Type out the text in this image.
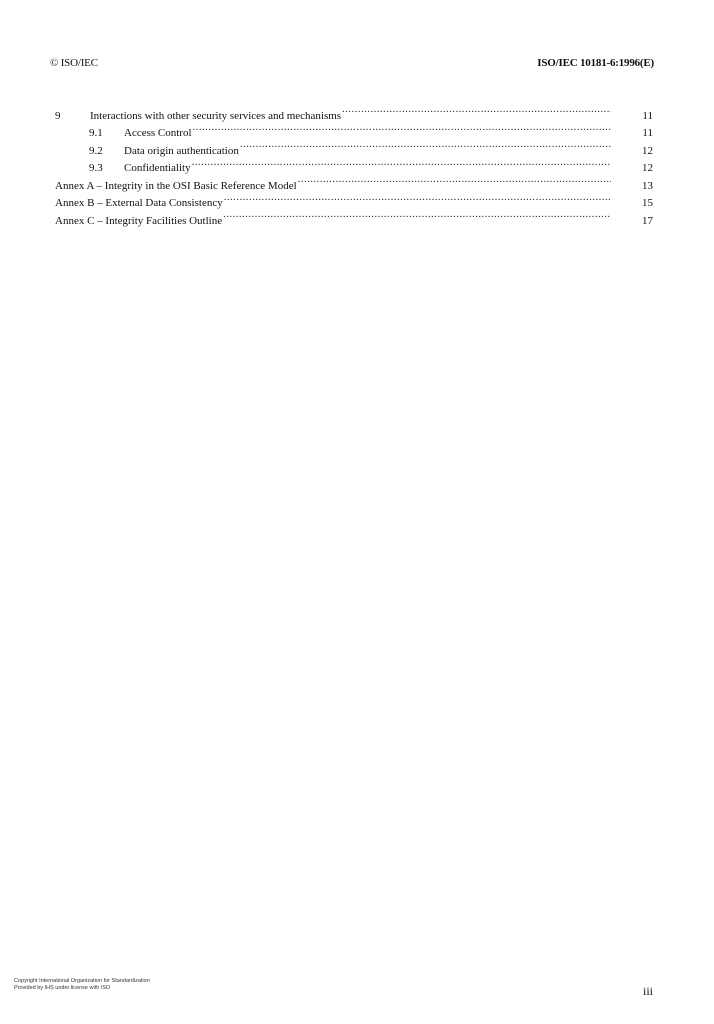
© ISO/IEC	ISO/IEC 10181-6:1996(E)
9	Interactions with other security services and mechanisms .....	11
9.1	Access Control .....	11
9.2	Data origin authentication .....	12
9.3	Confidentiality .....	12
Annex A – Integrity in the OSI Basic Reference Model .....	13
Annex B – External Data Consistency .....	15
Annex C – Integrity Facilities Outline .....	17
Copyright International Organization for Standardization
Provided by IHS under license with ISO	iii
